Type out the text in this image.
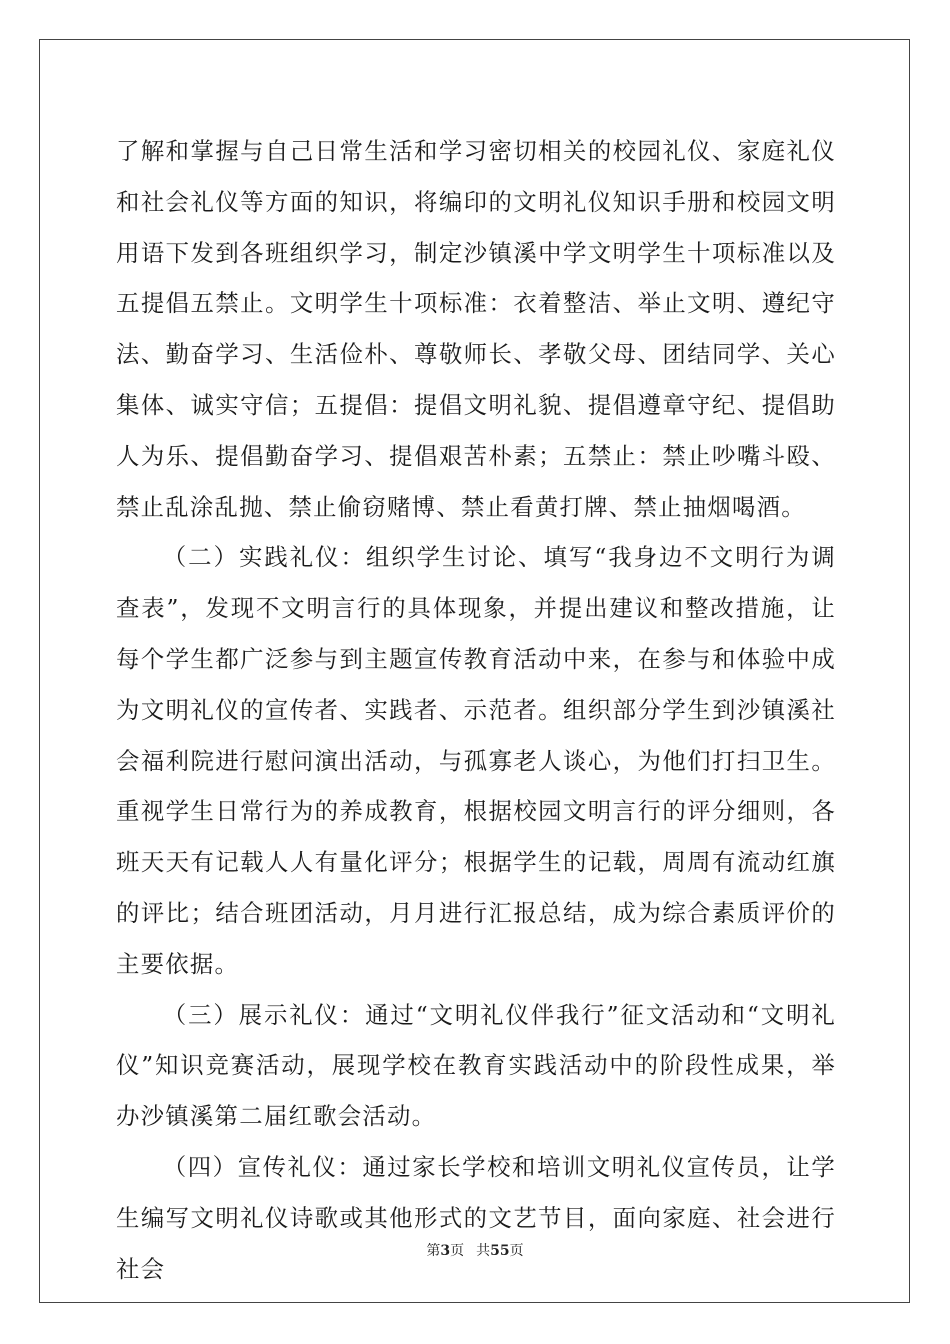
了解和掌握与自己日常生活和学习密切相关的校园礼仪、家庭礼仪和社会礼仪等方面的知识，将编印的文明礼仪知识手册和校园文明用语下发到各班组织学习，制定沙镇溪中学文明学生十项标准以及五提倡五禁止。文明学生十项标准：衣着整洁、举止文明、遵纪守法、勤奋学习、生活俭朴、尊敬师长、孝敬父母、团结同学、关心集体、诚实守信；五提倡：提倡文明礼貌、提倡遵章守纪、提倡助人为乐、提倡勤奋学习、提倡艰苦朴素；五禁止：禁止吵嘴斗殴、禁止乱涂乱抛、禁止偷窃赌博、禁止看黄打牌、禁止抽烟喝酒。

（二）实践礼仪：组织学生讨论、填写“我身边不文明行为调查表”，发现不文明言行的具体现象，并提出建议和整改措施，让每个学生都广泛参与到主题宣传教育活动中来，在参与和体验中成为文明礼仪的宣传者、实践者、示范者。组织部分学生到沙镇溪社会福利院进行慰问演出活动，与孤寡老人谈心，为他们打扫卫生。重视学生日常行为的养成教育，根据校园文明言行的评分细则，各班天天有记载人人有量化评分；根据学生的记载，周周有流动红旗的评比；结合班团活动，月月进行汇报总结，成为综合素质评价的主要依据。

（三）展示礼仪：通过“文明礼仪伴我行”征文活动和“文明礼仪”知识竞赛活动，展现学校在教育实践活动中的阶段性成果，举办沙镇溪第二届红歌会活动。

（四）宣传礼仪：通过家长学校和培训文明礼仪宣传员，让学生编写文明礼仪诗歌或其他形式的文艺节目，面向家庭、社会进行社会

第3页 共55页
